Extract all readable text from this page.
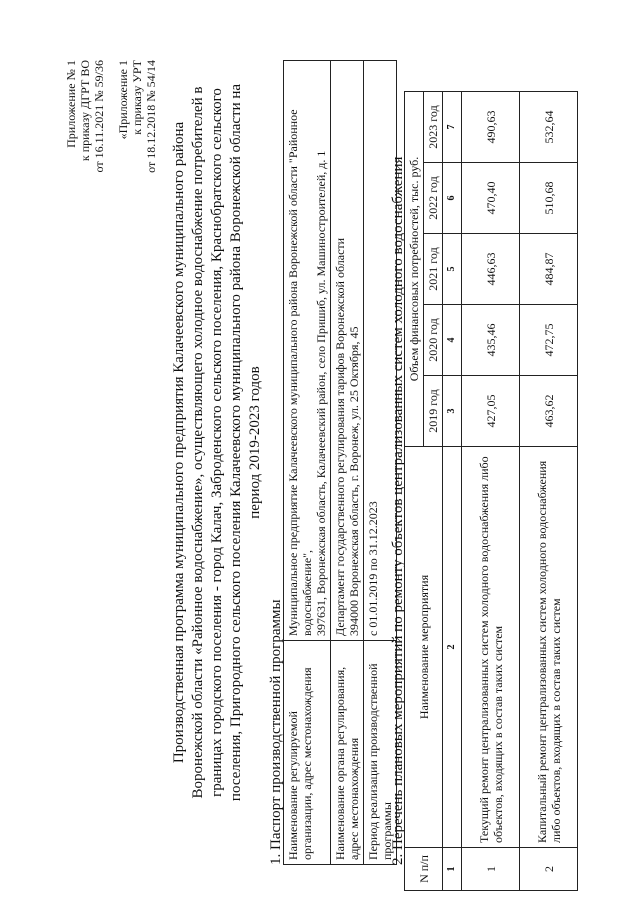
Приложение № 1 к приказу ДГРТ ВО от 16.11.2021 № 59/36 «Приложение 1 к приказу УРТ от 18.12.2018 № 54/14
Производственная программа муниципального предприятия Калачеевского муниципального района Воронежской области «Районное водоснабжение», осуществляющего холодное водоснабжение потребителей в границах городского поселения - город Калач, Заброденского сельского поселения, Краснобратского сельского поселения, Пригородного сельского поселения Калачеевского муниципального района Воронежской области на период 2019-2023 годов
1. Паспорт производственной программы Наименование регулируемой организации, адрес местонахождения	Муниципальное предприятие Калачеевского муниципального района Воронежской области "Районное водоснабжение", 397631, Воронежская область, Калачеевский район, село Пришиб, ул. Машиностроителей, д. 1

Наименование органа регулирования, адрес местонахождения	Департамент государственного регулирования тарифов Воронежской области 394000 Воронежская область, г. Воронеж, ул. 25 Октября, 45

Период реализации производственной программы	с 01.01.2019 по 31.12.2023 2. Перечень плановых мероприятий по ремонту объектов централизованных систем холодного водоснабжения
N п/п	Наименование мероприятия	Объем финансовых потребностей, тыс. руб.				
		2019 год	2020 год	2021 год	2022 год	2023 год
1	2	3	4	5	6	7
1	Текущий ремонт централизованных систем холодного водоснабжения либо объектов, входящих в состав таких систем	427,05	435,46	446,63	470,40	490,63
2	Капитальный ремонт централизованных систем холодного водоснабжения либо объектов, входящих в состав таких систем	463,62	472,75	484,87	510,68	532,64
